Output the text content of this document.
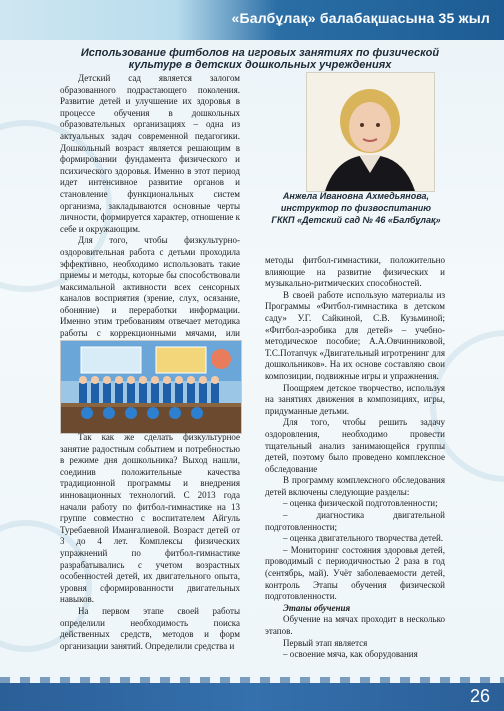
«Балбұлақ» балабақшасына 35 жыл
Использование фитболов на игровых занятиях по физической культуре в детских дошкольных учреждениях

Детский сад является залогом образованного подрастающего поколения. Развитие детей и улучшение их здоровья в процессе обучения в дошкольных образовательных организациях – одна из актуальных задач современной педагогики. Дошкольный возраст является решающим в формировании фундамента физического и психического здоровья. Именно в этот период идет интенсивное развитие органов и становление функциональных систем организма, закладываются основные черты личности, формируется характер, отношение к себе и окружающим.

Для того, чтобы физкультурно-оздоровительная работа с детьми проходила эффективно, необходимо использовать такие приемы и методы, которые бы способствовали максимальной активности всех сенсорных каналов восприятия (зрение, слух, осязание, обоняние) и переработки информации. Именно этим требованиям отвечает методика работы с коррекционными мячами, или

Так как же сделать физкультурное занятие радостным событием и потребностью в режиме дня дошкольника? Выход нашли, соединив положительные качества традиционной программы и внедрения инновационных технологий. С 2013 года начали работу по фитбол-гимнастике на 13 группе совместно с воспитателем Айгуль Туребаевной Иманғалиевой. Возраст детей от 3 до 4 лет. Комплексы физических упражнений по фитбол-гимнастике разрабатывались с учетом возрастных особенностей детей, их двигательного опыта, уровня сформированности двигательных навыков.

На первом этапе своей работы определили необходимость поиска действенных средств, методов и форм организации занятий. Определили средства и

Анжела Ивановна Ахмедьянова,
инструктор по физвоспитанию
ГККП «Детский сад № 46 «Балбұлақ»

методы фитбол-гимнастики, положительно влияющие на развитие физических и музыкально-ритмических способностей.

В своей работе использую материалы из Программы «Фитбол-гимнастика в детском саду» У.Г. Сайкиной, С.В. Кузьминой; «Фитбол-аэробика для детей» – учебно-методическое пособие; А.А.Овчинниковой, Т.С.Потапчук «Двигательный игротренинг для дошкольников». На их основе составляю свои композиции, подвижные игры и упражнения.

Поощряем детское творчество, используя на занятиях движения в композициях, игры, придуманные детьми.

Для того, чтобы решить задачу оздоровления, необходимо провести тщательный анализ занимающейся группы детей, поэтому было проведено комплексное обследование

В программу комплексного обследования детей включены следующие разделы:

– оценка физической подготовленности;

– диагностика двигательной подготовленности;

– оценка двигательного творчества детей.

– Мониторинг состояния здоровья детей, проводимый с периодичностью 2 раза в год (сентябрь, май). Учёт заболеваемости детей, контроль Этапы обучения физической подготовленности.

Этапы обучения

Обучение на мячах проходит в несколько этапов.

Первый этап является

– освоение мяча, как оборудования

26
